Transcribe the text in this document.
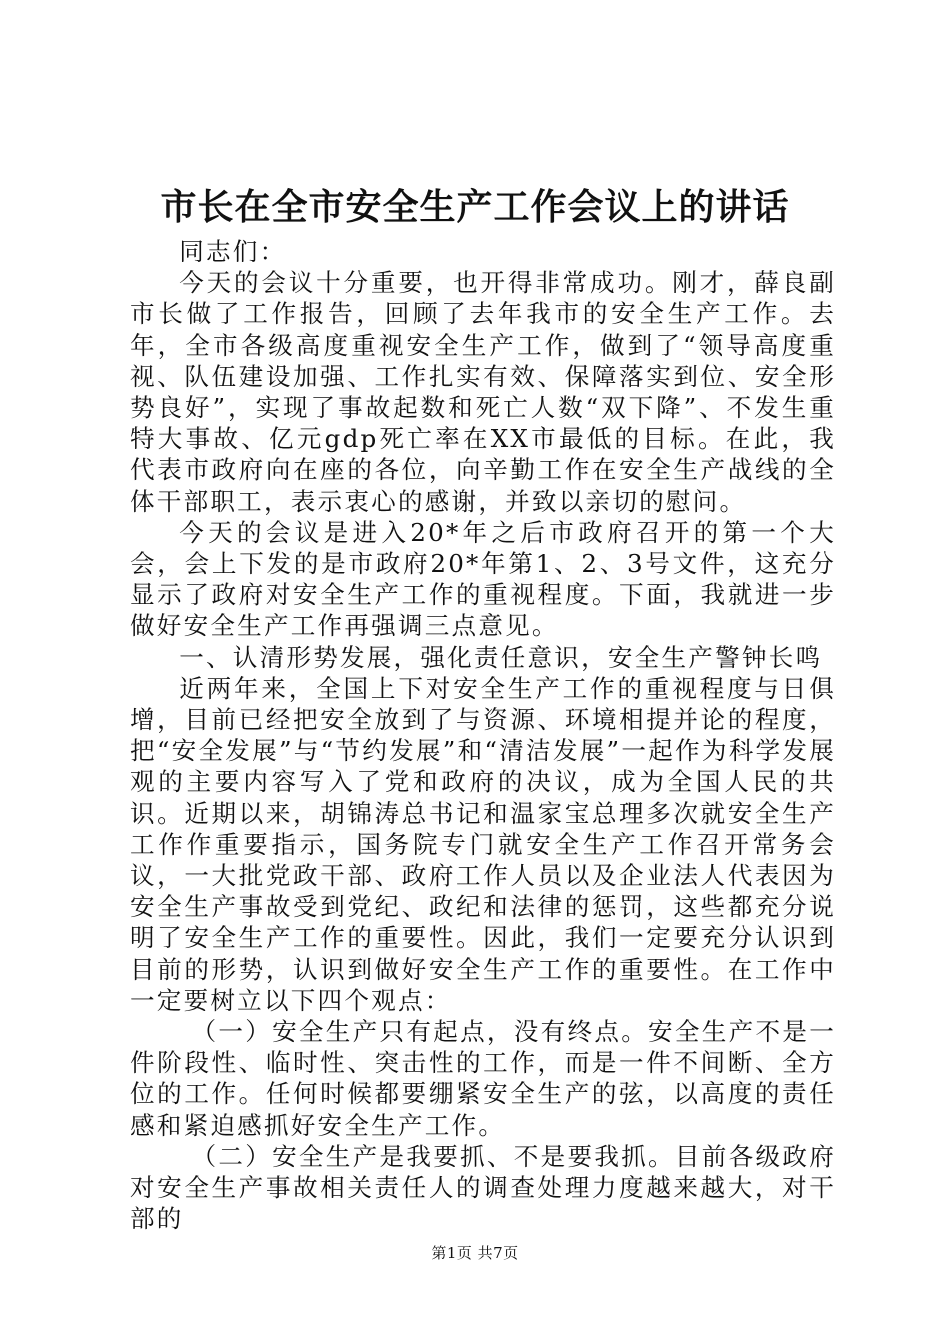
市长在全市安全生产工作会议上的讲话

同志们：

今天的会议十分重要，也开得非常成功。刚才，薛良副市长做了工作报告，回顾了去年我市的安全生产工作。去年，全市各级高度重视安全生产工作，做到了“领导高度重视、队伍建设加强、工作扎实有效、保障落实到位、安全形势良好”，实现了事故起数和死亡人数“双下降”、不发生重特大事故、亿元gdp死亡率在XX市最低的目标。在此，我代表市政府向在座的各位，向辛勤工作在安全生产战线的全体干部职工，表示衷心的感谢，并致以亲切的慰问。

今天的会议是进入20*年之后市政府召开的第一个大会，会上下发的是市政府20*年第1、2、3号文件，这充分显示了政府对安全生产工作的重视程度。下面，我就进一步做好安全生产工作再强调三点意见。

一、认清形势发展，强化责任意识，安全生产警钟长鸣

近两年来，全国上下对安全生产工作的重视程度与日俱增，目前已经把安全放到了与资源、环境相提并论的程度，把“安全发展”与“节约发展”和“清洁发展”一起作为科学发展观的主要内容写入了党和政府的决议，成为全国人民的共识。近期以来，胡锦涛总书记和温家宝总理多次就安全生产工作作重要指示，国务院专门就安全生产工作召开常务会议，一大批党政干部、政府工作人员以及企业法人代表因为安全生产事故受到党纪、政纪和法律的惩罚，这些都充分说明了安全生产工作的重要性。因此，我们一定要充分认识到目前的形势，认识到做好安全生产工作的重要性。在工作中一定要树立以下四个观点：

（一）安全生产只有起点，没有终点。安全生产不是一件阶段性、临时性、突击性的工作，而是一件不间断、全方位的工作。任何时候都要绷紧安全生产的弦，以高度的责任感和紧迫感抓好安全生产工作。

（二）安全生产是我要抓、不是要我抓。目前各级政府对安全生产事故相关责任人的调查处理力度越来越大，对干部的

第1页 共7页
